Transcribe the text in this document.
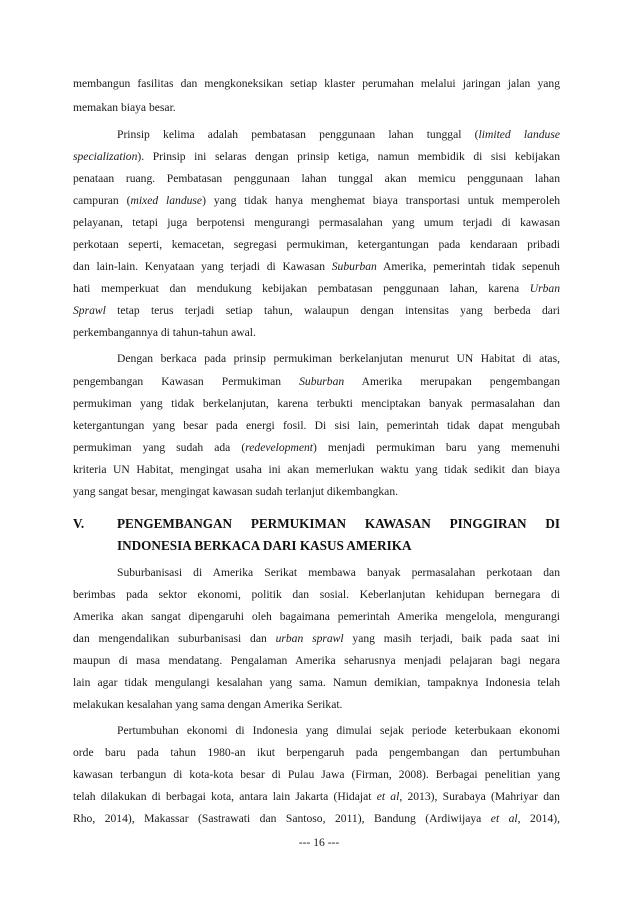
membangun fasilitas dan mengkoneksikan setiap klaster perumahan melalui jaringan jalan yang
memakan biaya besar.
Prinsip kelima adalah pembatasan penggunaan lahan tunggal (limited landuse
specialization). Prinsip ini selaras dengan prinsip ketiga, namun membidik di sisi kebijakan
penataan ruang. Pembatasan penggunaan lahan tunggal akan memicu penggunaan lahan
campuran (mixed landuse) yang tidak hanya menghemat biaya transportasi untuk memperoleh
pelayanan, tetapi juga berpotensi mengurangi permasalahan yang umum terjadi di kawasan
perkotaan seperti, kemacetan, segregasi permukiman, ketergantungan pada kendaraan pribadi
dan lain-lain. Kenyataan yang terjadi di Kawasan Suburban Amerika, pemerintah tidak sepenuh
hati memperkuat dan mendukung kebijakan pembatasan penggunaan lahan, karena Urban
Sprawl tetap terus terjadi setiap tahun, walaupun dengan intensitas yang berbeda dari
perkembangannya di tahun-tahun awal.
Dengan berkaca pada prinsip permukiman berkelanjutan menurut UN Habitat di atas,
pengembangan Kawasan Permukiman Suburban Amerika merupakan pengembangan
permukiman yang tidak berkelanjutan, karena terbukti menciptakan banyak permasalahan dan
ketergantungan yang besar pada energi fosil. Di sisi lain, pemerintah tidak dapat mengubah
permukiman yang sudah ada (redevelopment) menjadi permukiman baru yang memenuhi
kriteria UN Habitat, mengingat usaha ini akan memerlukan waktu yang tidak sedikit dan biaya
yang sangat besar, mengingat kawasan sudah terlanjut dikembangkan.
V. PENGEMBANGAN PERMUKIMAN KAWASAN PINGGIRAN DI
INDONESIA BERKACA DARI KASUS AMERIKA
Suburbanisasi di Amerika Serikat membawa banyak permasalahan perkotaan dan
berimbas pada sektor ekonomi, politik dan sosial. Keberlanjutan kehidupan bernegara di
Amerika akan sangat dipengaruhi oleh bagaimana pemerintah Amerika mengelola, mengurangi
dan mengendalikan suburbanisasi dan urban sprawl yang masih terjadi, baik pada saat ini
maupun di masa mendatang. Pengalaman Amerika seharusnya menjadi pelajaran bagi negara
lain agar tidak mengulangi kesalahan yang sama. Namun demikian, tampaknya Indonesia telah
melakukan kesalahan yang sama dengan Amerika Serikat.
Pertumbuhan ekonomi di Indonesia yang dimulai sejak periode keterbukaan ekonomi
orde baru pada tahun 1980-an ikut berpengaruh pada pengembangan dan pertumbuhan
kawasan terbangun di kota-kota besar di Pulau Jawa (Firman, 2008). Berbagai penelitian yang
telah dilakukan di berbagai kota, antara lain Jakarta (Hidajat et al, 2013), Surabaya (Mahriyar dan
Rho, 2014), Makassar (Sastrawati dan Santoso, 2011), Bandung (Ardiwijaya et al, 2014),
--- 16 ---
